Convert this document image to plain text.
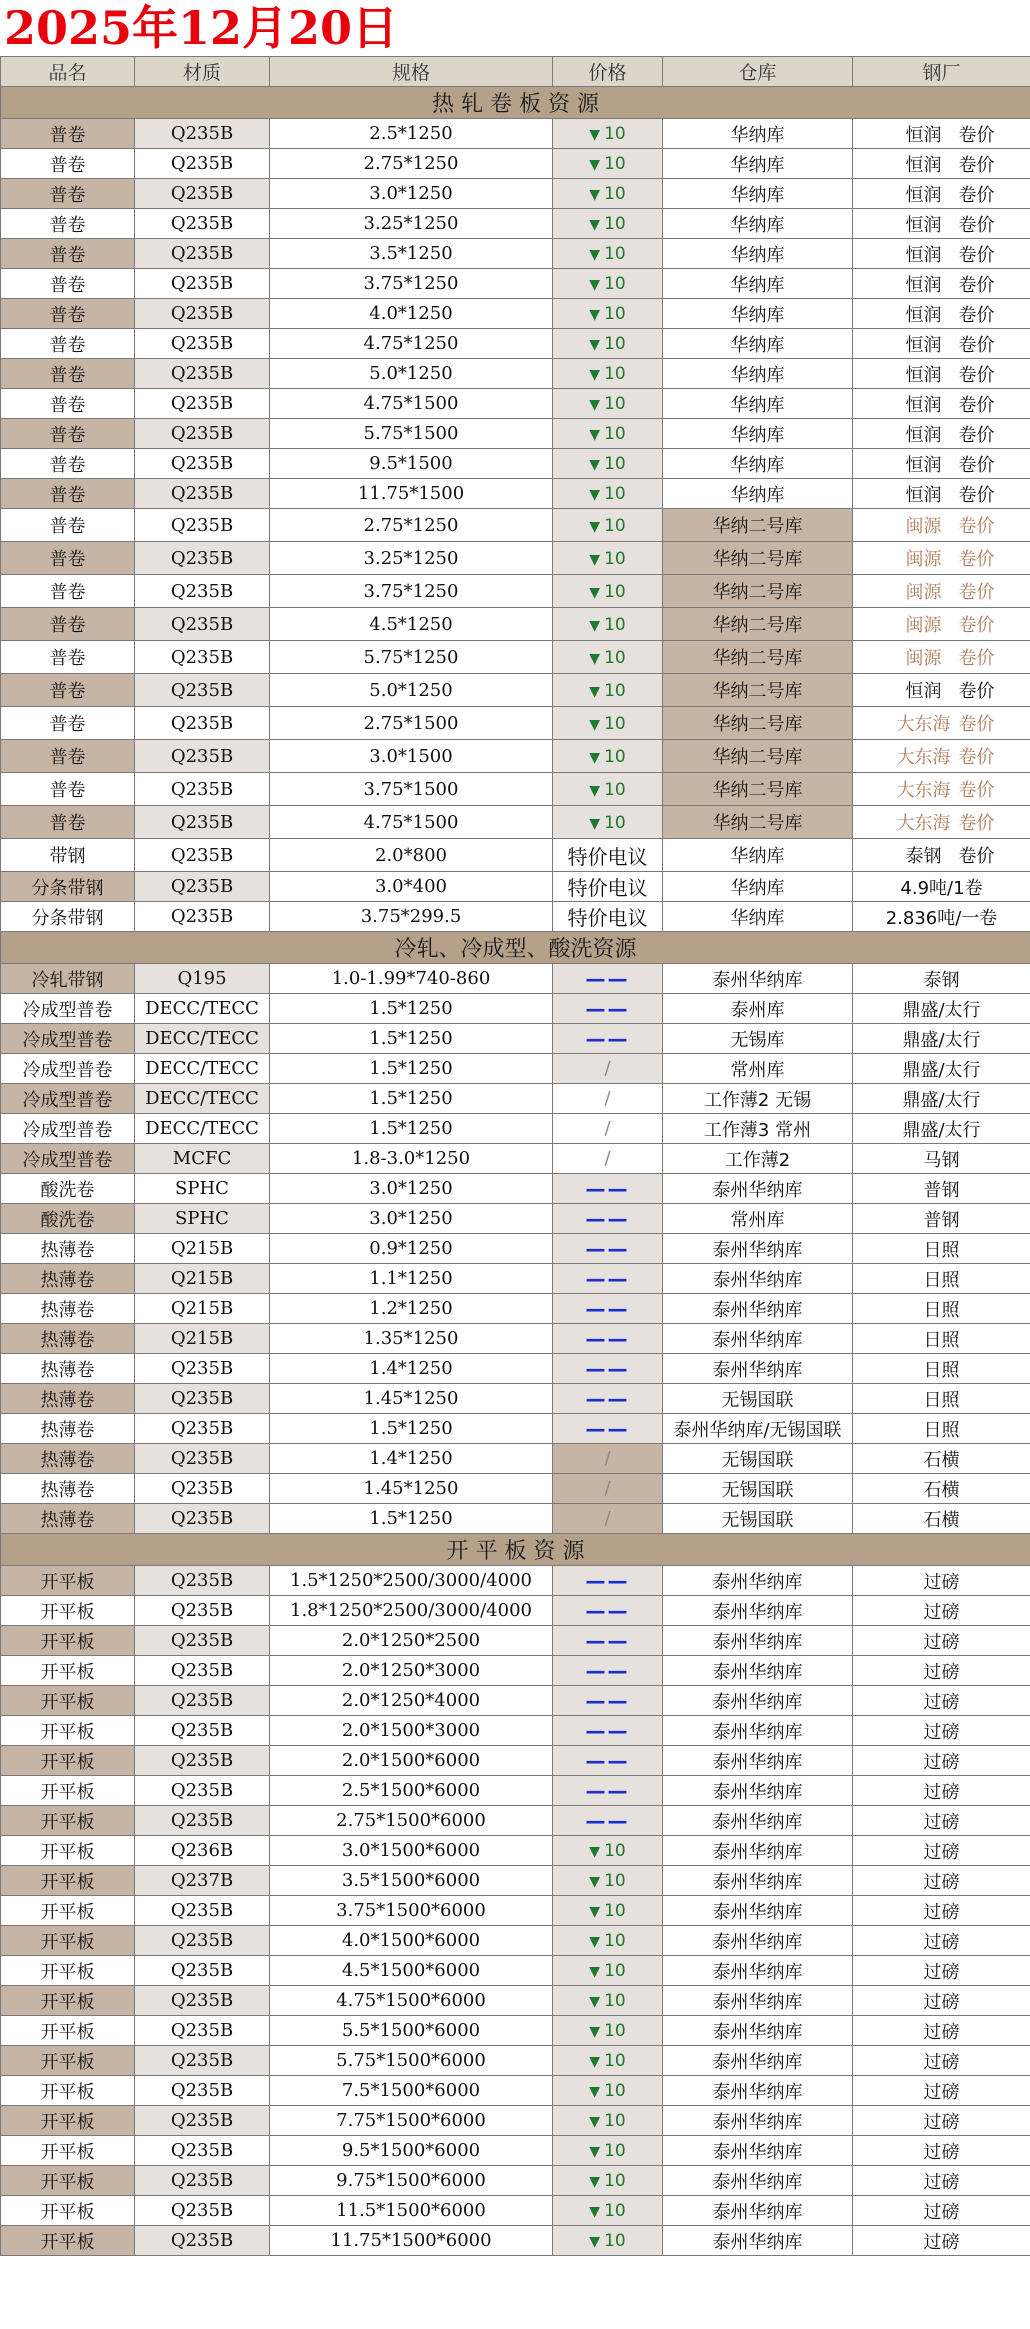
2025年12月20日
品名	材质	规格	价格	仓库	钢厂
热 轧 卷 板 资 源					
普卷	Q235B	2.5*1250	▼ 10	华纳库	恒润 卷价
普卷	Q235B	2.75*1250	▼ 10	华纳库	恒润 卷价
普卷	Q235B	3.0*1250	▼ 10	华纳库	恒润 卷价
普卷	Q235B	3.25*1250	▼ 10	华纳库	恒润 卷价
普卷	Q235B	3.5*1250	▼ 10	华纳库	恒润 卷价
普卷	Q235B	3.75*1250	▼ 10	华纳库	恒润 卷价
普卷	Q235B	4.0*1250	▼ 10	华纳库	恒润 卷价
普卷	Q235B	4.75*1250	▼ 10	华纳库	恒润 卷价
普卷	Q235B	5.0*1250	▼ 10	华纳库	恒润 卷价
普卷	Q235B	4.75*1500	▼ 10	华纳库	恒润 卷价
普卷	Q235B	5.75*1500	▼ 10	华纳库	恒润 卷价
普卷	Q235B	9.5*1500	▼ 10	华纳库	恒润 卷价
普卷	Q235B	11.75*1500	▼ 10	华纳库	恒润 卷价
普卷	Q235B	2.75*1250	▼ 10	华纳二号库	闽源 卷价
普卷	Q235B	3.25*1250	▼ 10	华纳二号库	闽源 卷价
普卷	Q235B	3.75*1250	▼ 10	华纳二号库	闽源 卷价
普卷	Q235B	4.5*1250	▼ 10	华纳二号库	闽源 卷价
普卷	Q235B	5.75*1250	▼ 10	华纳二号库	闽源 卷价
普卷	Q235B	5.0*1250	▼ 10	华纳二号库	恒润 卷价
普卷	Q235B	2.75*1500	▼ 10	华纳二号库	大东海 卷价
普卷	Q235B	3.0*1500	▼ 10	华纳二号库	大东海 卷价
普卷	Q235B	3.75*1500	▼ 10	华纳二号库	大东海 卷价
普卷	Q235B	4.75*1500	▼ 10	华纳二号库	大东海 卷价
带钢	Q235B	2.0*800	特价电议	华纳库	泰钢 卷价
分条带钢	Q235B	3.0*400	特价电议	华纳库	4.9吨/1卷
分条带钢	Q235B	3.75*299.5	特价电议	华纳库	2.836吨/一卷
冷轧、冷成型、酸洗资源					
冷轧带钢	Q195	1.0-1.99*740-860	——	泰州华纳库	泰钢
冷成型普卷	DECC/TECC	1.5*1250	——	泰州库	鼎盛/太行
冷成型普卷	DECC/TECC	1.5*1250	——	无锡库	鼎盛/太行
冷成型普卷	DECC/TECC	1.5*1250	/	常州库	鼎盛/太行
冷成型普卷	DECC/TECC	1.5*1250	/	工作薄2 无锡	鼎盛/太行
冷成型普卷	DECC/TECC	1.5*1250	/	工作薄3 常州	鼎盛/太行
冷成型普卷	MCFC	1.8-3.0*1250	/	工作薄2	马钢
酸洗卷	SPHC	3.0*1250	——	泰州华纳库	普钢
酸洗卷	SPHC	3.0*1250	——	常州库	普钢
热薄卷	Q215B	0.9*1250	——	泰州华纳库	日照
热薄卷	Q215B	1.1*1250	——	泰州华纳库	日照
热薄卷	Q215B	1.2*1250	——	泰州华纳库	日照
热薄卷	Q215B	1.35*1250	——	泰州华纳库	日照
热薄卷	Q235B	1.4*1250	——	泰州华纳库	日照
热薄卷	Q235B	1.45*1250	——	无锡国联	日照
热薄卷	Q235B	1.5*1250	——	泰州华纳库/无锡国联	日照
热薄卷	Q235B	1.4*1250	/	无锡国联	石横
热薄卷	Q235B	1.45*1250	/	无锡国联	石横
热薄卷	Q235B	1.5*1250	/	无锡国联	石横
开 平 板 资 源					
开平板	Q235B	1.5*1250*2500/3000/4000	——	泰州华纳库	过磅
开平板	Q235B	1.8*1250*2500/3000/4000	——	泰州华纳库	过磅
开平板	Q235B	2.0*1250*2500	——	泰州华纳库	过磅
开平板	Q235B	2.0*1250*3000	——	泰州华纳库	过磅
开平板	Q235B	2.0*1250*4000	——	泰州华纳库	过磅
开平板	Q235B	2.0*1500*3000	——	泰州华纳库	过磅
开平板	Q235B	2.0*1500*6000	——	泰州华纳库	过磅
开平板	Q235B	2.5*1500*6000	——	泰州华纳库	过磅
开平板	Q235B	2.75*1500*6000	——	泰州华纳库	过磅
开平板	Q236B	3.0*1500*6000	▼ 10	泰州华纳库	过磅
开平板	Q237B	3.5*1500*6000	▼ 10	泰州华纳库	过磅
开平板	Q235B	3.75*1500*6000	▼ 10	泰州华纳库	过磅
开平板	Q235B	4.0*1500*6000	▼ 10	泰州华纳库	过磅
开平板	Q235B	4.5*1500*6000	▼ 10	泰州华纳库	过磅
开平板	Q235B	4.75*1500*6000	▼ 10	泰州华纳库	过磅
开平板	Q235B	5.5*1500*6000	▼ 10	泰州华纳库	过磅
开平板	Q235B	5.75*1500*6000	▼ 10	泰州华纳库	过磅
开平板	Q235B	7.5*1500*6000	▼ 10	泰州华纳库	过磅
开平板	Q235B	7.75*1500*6000	▼ 10	泰州华纳库	过磅
开平板	Q235B	9.5*1500*6000	▼ 10	泰州华纳库	过磅
开平板	Q235B	9.75*1500*6000	▼ 10	泰州华纳库	过磅
开平板	Q235B	11.5*1500*6000	▼ 10	泰州华纳库	过磅
开平板	Q235B	11.75*1500*6000	▼ 10	泰州华纳库	过磅
